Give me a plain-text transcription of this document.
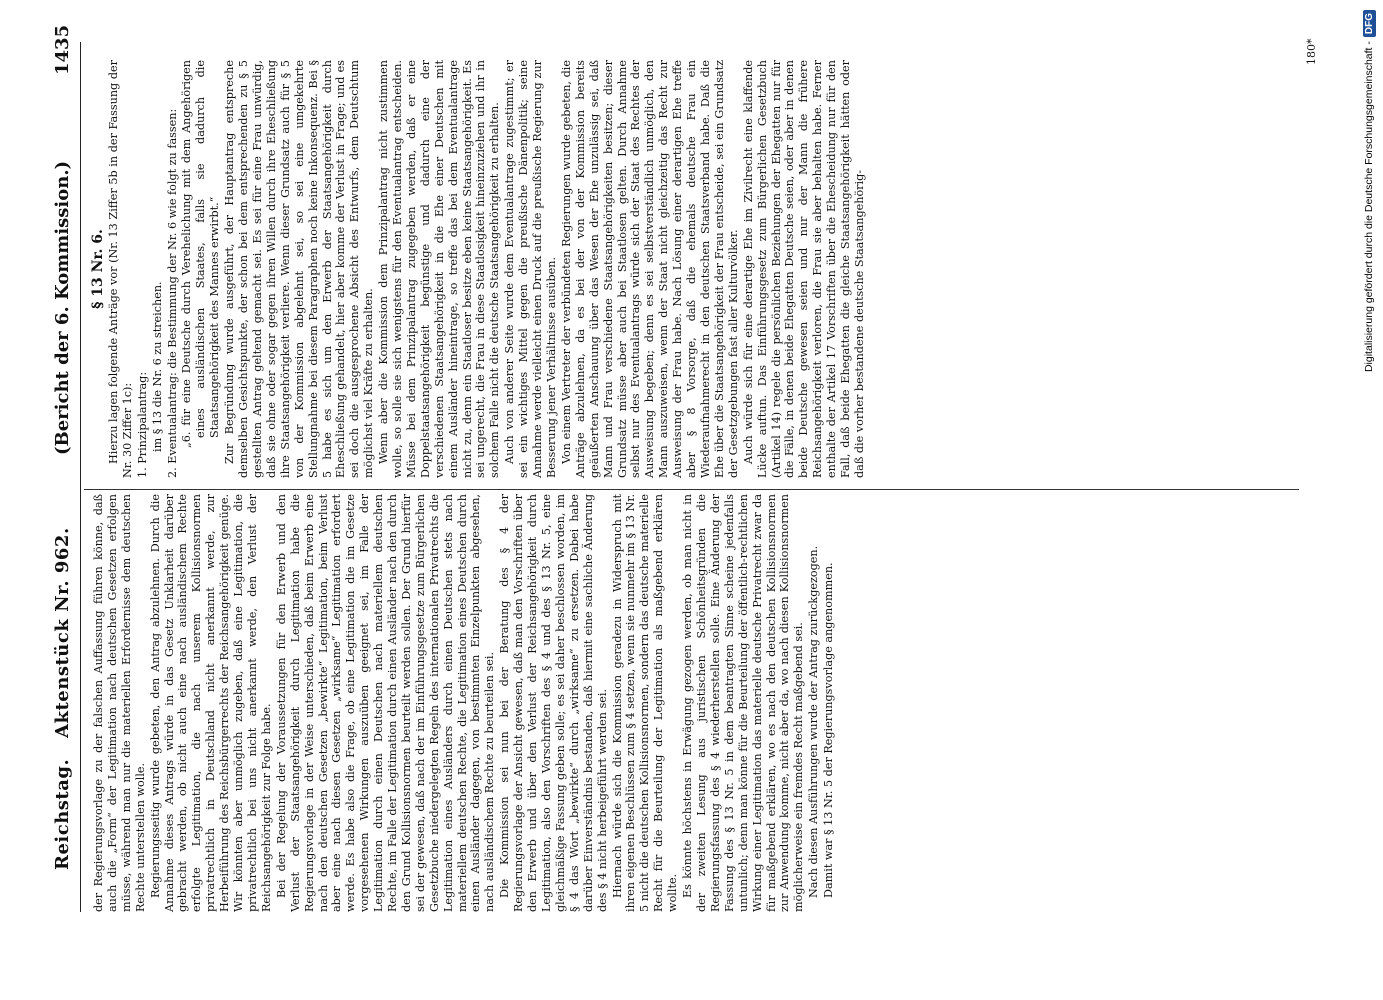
Reichstag. Aktenstück Nr. 962.
(Bericht der 6. Kommission.)
1435

der Regierungsvorlage zu der falschen Auffassung führen könne, daß auch die „Form“ der Legitimation nach deutschen Gesetzen erfolgen müsse, während man nur die materiellen Erfordernisse dem deutschen Rechte unterstellen wolle. Regierungsseitig wurde gebeten, den Antrag abzulehnen. Durch die Annahme dieses Antrags würde in das Gesetz Unklarheit darüber gebracht werden, ob nicht auch eine nach ausländischem Rechte erfolgte Legitimation, die nach unserem Kollisionsnormen privatrechtlich in Deutschland nicht anerkannt werde, zur Herbeiführung des Reichsbürgerrechts der Reichsangehörigkeit genüge. Wir könnten aber unmöglich zugeben, daß eine Legitimation, die privatrechtlich bei uns nicht anerkannt werde, den Verlust der Reichsangehörigkeit zur Folge habe. Bei der Regelung der Voraussetzungen für den Erwerb und den Verlust der Staatsangehörigkeit durch Legitimation habe die Regierungsvorlage in der Weise unterschieden, daß beim Erwerb eine nach den deutschen Gesetzen „bewirkte“ Legitimation, beim Verlust aber eine nach diesen Gesetzen „wirksame“ Legitimation erfordert werde. Es habe also die Frage, ob eine Legitimation die im Gesetze vorgesehenen Wirkungen auszuüben geeignet sei, im Falle der Legitimation durch einen Deutschen nach materiellem deutschen Rechte, im Falle der Legitimation durch einen Ausländer nach den durch den Grund Kollisionsnormen beurteilt werden sollen. Der Grund hierfür sei der gewesen, daß nach der im Einführungsgesetze zum Bürgerlichen Gesetzbuche niedergelegten Regeln des internationalen Privatrechts die Legitimation eines Ausländers durch einen Deutschen stets nach materiellem deutschen Rechte, die Legitimation eines Deutschen durch einen Ausländer dagegen, von bestimmten Einzelpunkten abgesehen, nach ausländischem Rechte zu beurteilen sei. Die Kommission sei nun bei der Beratung des § 4 der Regierungsvorlage der Ansicht gewesen, daß man den Vorschriften über den Erwerb und über den Verlust der Reichsangehörigkeit durch Legitimation, also den Vorschriften des § 4 und des § 13 Nr. 5, eine gleichmäßige Fassung geben solle; es sei daher beschlossen worden, im § 4 das Wort „bewirkte“ durch „wirksame“ zu ersetzen. Dabei habe darüber Einverständnis bestanden, daß hiermit eine sachliche Änderung des § 4 nicht herbeigeführt werden sei. Hiernach würde sich die Kommission geradezu in Widerspruch mit ihren eigenen Beschlüssen zum § 4 setzen, wenn sie nunmehr im § 13 Nr. 5 nicht die deutschen Kollisionsnormen, sondern das deutsche materielle Recht für die Beurteilung der Legitimation als maßgebend erklären wollte. Es könnte höchstens in Erwägung gezogen werden, ob man nicht in der zweiten Lesung aus juristischen Schönheitsgründen die Regierungsfassung des § 4 wiederherstellen solle. Eine Änderung der Fassung des § 13 Nr. 5 in dem beantragten Sinne scheine jedenfalls untunlich; denn man könne für die Beurteilung der öffentlich-rechtlichen Wirkung einer Legitimation das materielle deutsche Privatrecht zwar da für maßgebend erklären, wo es nach den deutschen Kollisionsnormen zur Anwendung komme, nicht aber da, wo nach diesen Kollisionsnormen möglicherweise ein fremdes Recht maßgebend sei. Nach diesen Ausführungen wurde der Antrag zurückgezogen. Damit war § 13 Nr. 5 der Regierungsvorlage angenommen.

§ 13 Nr. 6. Hierzu lagen folgende Anträge vor (Nr. 13 Ziffer 5b in der Fassung der Nr. 30 Ziffer 1c): 1. Prinzipalantrag: im § 13 die Nr. 6 zu streichen. 2. Eventualantrag: die Bestimmung der Nr. 6 wie folgt zu fassen: „6. für eine Deutsche durch Verehelichung mit dem Angehörigen eines ausländischen Staates, falls sie dadurch die Staatsangehörigkeit des Mannes erwirbt.“ Zur Begründung wurde ausgeführt, der Hauptantrag entspreche demselben Gesichtspunkte, der schon bei dem entsprechenden zu § 5 gestellten Antrag geltend gemacht sei. Es sei für eine Frau unwürdig, daß sie ohne oder sogar gegen ihren Willen durch ihre Eheschließung ihre Staatsangehörigkeit verliere. Wenn dieser Grundsatz auch für § 5 von der Kommission abgelehnt sei, so sei eine umgekehrte Stellungnahme bei diesem Paragraphen noch keine Inkonsequenz. Bei § 5 habe es sich um den Erwerb der Staatsangehörigkeit durch Eheschließung gehandelt, hier aber komme der Verlust in Frage; und es sei doch die ausgesprochene Absicht des Entwurfs, dem Deutschtum möglichst viel Kräfte zu erhalten. Wenn aber die Kommission dem Prinzipalantrag nicht zustimmen wolle, so solle sie sich wenigstens für den Eventualantrag entscheiden. Müsse bei dem Prinzipalantrag zugegeben werden, daß er eine Doppelstaatsangehörigkeit begünstige und dadurch eine der verschiedenen Staatsangehörigkeit in die Ehe einer Deutschen mit einem Ausländer hineintrage, so treffe das bei dem Eventualantrage nicht zu, denn ein Staatloser besitze eben keine Staatsangehörigkeit. Es sei ungerecht, die Frau in diese Staatlosigkeit hineinzuziehen und ihr in solchem Falle nicht die deutsche Staatsangehörigkeit zu erhalten. Auch von anderer Seite wurde dem Eventualantrage zugestimmt; er sei ein wichtiges Mittel gegen die preußische Dänenpolitik; seine Annahme werde vielleicht einen Druck auf die preußische Regierung zur Besserung jener Verhältnisse ausüben. Von einem Vertreter der verbündeten Regierungen wurde gebeten, die Anträge abzulehnen, da es bei der von der Kommission bereits geäußerten Anschauung über das Wesen der Ehe unzulässig sei, daß Mann und Frau verschiedene Staatsangehörigkeiten besitzen; dieser Grundsatz müsse aber auch bei Staatlosen gelten. Durch Annahme selbst nur des Eventualantrags würde sich der Staat des Rechtes der Ausweisung begeben; denn es sei selbstverständlich unmöglich, den Mann auszuweisen, wenn der Staat nicht gleichzeitig das Recht zur Ausweisung der Frau habe. Nach Lösung einer derartigen Ehe treffe aber § 8 Vorsorge, daß die ehemals deutsche Frau ein Wiederaufnahmerecht in den deutschen Staatsverband habe. Daß die Ehe über die Staatsangehörigkeit der Frau entscheide, sei ein Grundsatz der Gesetzgebungen fast aller Kulturvölker. Auch würde sich für eine derartige Ehe im Zivilrecht eine klaffende Lücke auftun. Das Einführungsgesetz zum Bürgerlichen Gesetzbuch (Artikel 14) regele die persönlichen Beziehungen der Ehegatten nur für die Fälle, in denen beide Ehegatten Deutsche seien, oder aber in denen beide Deutsche gewesen seien und nur der Mann die frühere Reichsangehörigkeit verloren, die Frau sie aber behalten habe. Ferner enthalte der Artikel 17 Vorschriften über die Ehescheidung nur für den Fall, daß beide Ehegatten die gleiche Staatsangehörigkeit hätten oder daß die vorher bestandene deutsche Staatsangehörig-

180*	Digitalisierung gefördert durch die Deutsche Forschungsgemeinschaft -
DFG
